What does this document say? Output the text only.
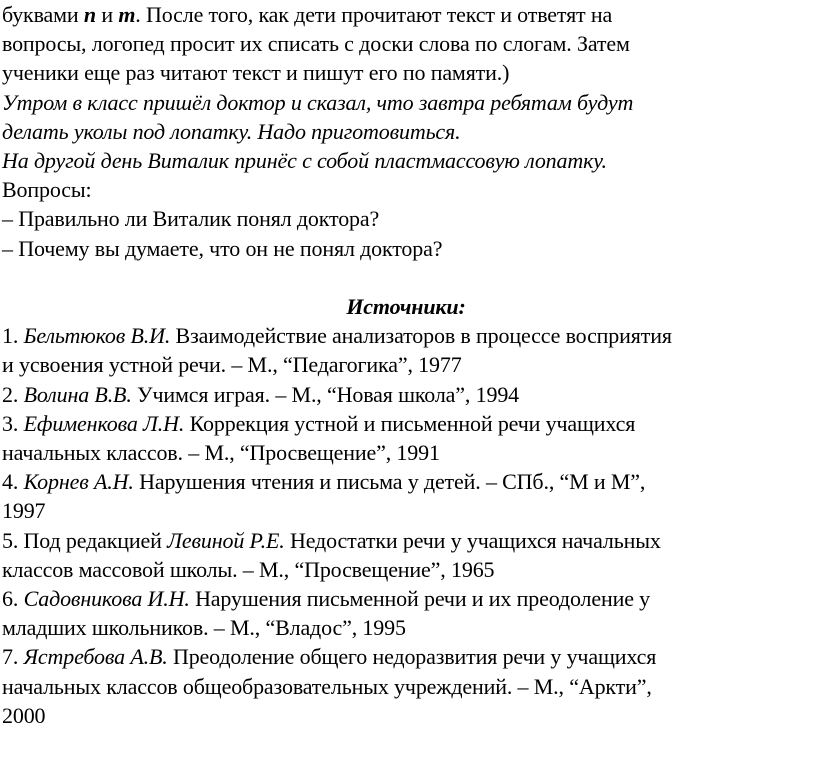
буквами п и т. После того, как дети прочитают текст и ответят на
вопросы, логопед просит их списать с доски слова по слогам. Затем
ученики еще раз читают текст и пишут его по памяти.)
Утром в класс пришёл доктор и сказал, что завтра ребятам будут
делать уколы под лопатку. Надо приготовиться.
На другой день Виталик принёс с собой пластмассовую лопатку.
Вопросы:
– Правильно ли Виталик понял доктора?
– Почему вы думаете, что он не понял доктора?
Источники:
1. Бельтюков В.И. Взаимодействие анализаторов в процессе восприятия
и усвоения устной речи. – М., “Педагогика”, 1977
2. Волина В.В. Учимся играя. – М., “Новая школа”, 1994
3. Ефименкова Л.Н. Коррекция устной и письменной речи учащихся
начальных классов. – М., “Просвещение”, 1991
4. Корнев А.Н. Нарушения чтения и письма у детей. – СПб., “М и М”,
1997
5. Под редакцией Левиной Р.Е. Недостатки речи у учащихся начальных
классов массовой школы. – М., “Просвещение”, 1965
6. Садовникова И.Н. Нарушения письменной речи и их преодоление у
младших школьников. – М., “Владос”, 1995
7. Ястребова А.В. Преодоление общего недоразвития речи у учащихся
начальных классов общеобразовательных учреждений. – М., “Аркти”,
2000
